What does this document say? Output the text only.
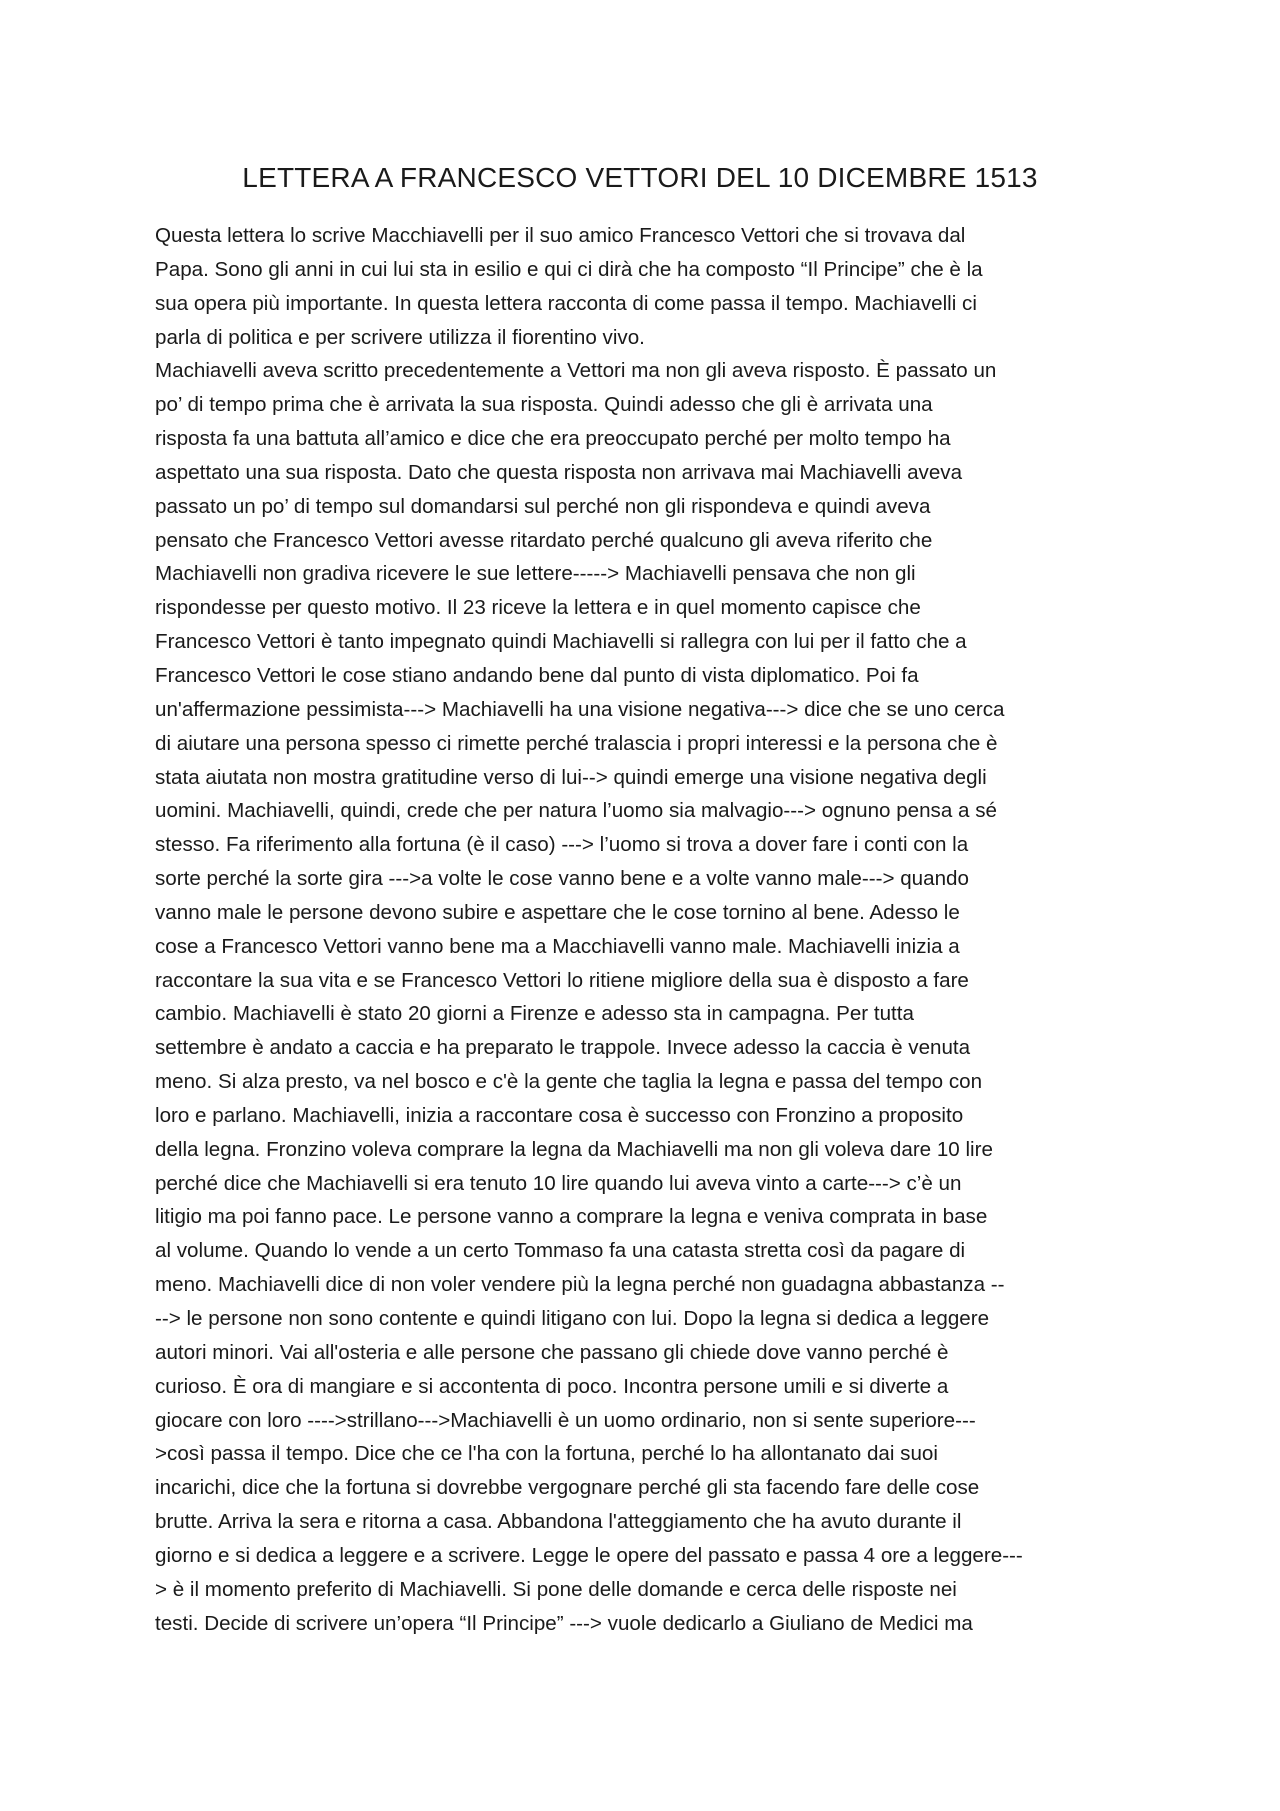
LETTERA A FRANCESCO VETTORI DEL 10 DICEMBRE 1513
Questa lettera lo scrive Macchiavelli per il suo amico Francesco Vettori che si trovava dal
Papa. Sono gli anni in cui lui sta in esilio e qui ci dirà che ha composto “Il Principe” che è la
sua opera più importante. In questa lettera racconta di come passa il tempo. Machiavelli ci
parla di politica e per scrivere utilizza il fiorentino vivo.
Machiavelli aveva scritto precedentemente a Vettori ma non gli aveva risposto. È passato un
po’ di tempo prima che è arrivata la sua risposta. Quindi adesso che gli è arrivata una
risposta fa una battuta all’amico e dice che era preoccupato perché per molto tempo ha
aspettato una sua risposta. Dato che questa risposta non arrivava mai Machiavelli aveva
passato un po’ di tempo sul domandarsi sul perché non gli rispondeva e quindi aveva
pensato che Francesco Vettori avesse ritardato perché qualcuno gli aveva riferito che
Machiavelli non gradiva ricevere le sue lettere-----> Machiavelli pensava che non gli
rispondesse per questo motivo. Il 23 riceve la lettera e in quel momento capisce che
Francesco Vettori è tanto impegnato quindi Machiavelli si rallegra con lui per il fatto che a
Francesco Vettori le cose stiano andando bene dal punto di vista diplomatico. Poi fa
un'affermazione pessimista---> Machiavelli ha una visione negativa---> dice che se uno cerca
di aiutare una persona spesso ci rimette perché tralascia i propri interessi e la persona che è
stata aiutata non mostra gratitudine verso di lui--> quindi emerge una visione negativa degli
uomini. Machiavelli, quindi, crede che per natura l’uomo sia malvagio---> ognuno pensa a sé
stesso. Fa riferimento alla fortuna (è il caso) ---> l’uomo si trova a dover fare i conti con la
sorte perché la sorte gira --->a volte le cose vanno bene e a volte vanno male---> quando
vanno male le persone devono subire e aspettare che le cose tornino al bene. Adesso le
cose a Francesco Vettori vanno bene ma a Macchiavelli vanno male. Machiavelli inizia a
raccontare la sua vita e se Francesco Vettori lo ritiene migliore della sua è disposto a fare
cambio. Machiavelli è stato 20 giorni a Firenze e adesso sta in campagna. Per tutta
settembre è andato a caccia e ha preparato le trappole. Invece adesso la caccia è venuta
meno. Si alza presto, va nel bosco e c'è la gente che taglia la legna e passa del tempo con
loro e parlano. Machiavelli, inizia a raccontare cosa è successo con Fronzino a proposito
della legna. Fronzino voleva comprare la legna da Machiavelli ma non gli voleva dare 10 lire
perché dice che Machiavelli si era tenuto 10 lire quando lui aveva vinto a carte---> c’è un
litigio ma poi fanno pace. Le persone vanno a comprare la legna e veniva comprata in base
al volume. Quando lo vende a un certo Tommaso fa una catasta stretta così da pagare di
meno. Machiavelli dice di non voler vendere più la legna perché non guadagna abbastanza --
--> le persone non sono contente e quindi litigano con lui. Dopo la legna si dedica a leggere
autori minori. Vai all'osteria e alle persone che passano gli chiede dove vanno perché è
curioso. È ora di mangiare e si accontenta di poco. Incontra persone umili e si diverte a
giocare con loro ---->strillano--->Machiavelli è un uomo ordinario, non si sente superiore---
>così passa il tempo. Dice che ce l'ha con la fortuna, perché lo ha allontanato dai suoi
incarichi, dice che la fortuna si dovrebbe vergognare perché gli sta facendo fare delle cose
brutte. Arriva la sera e ritorna a casa. Abbandona l'atteggiamento che ha avuto durante il
giorno e si dedica a leggere e a scrivere. Legge le opere del passato e passa 4 ore a leggere---
> è il momento preferito di Machiavelli. Si pone delle domande e cerca delle risposte nei
testi. Decide di scrivere un’opera “Il Principe” ---> vuole dedicarlo a Giuliano de Medici ma
